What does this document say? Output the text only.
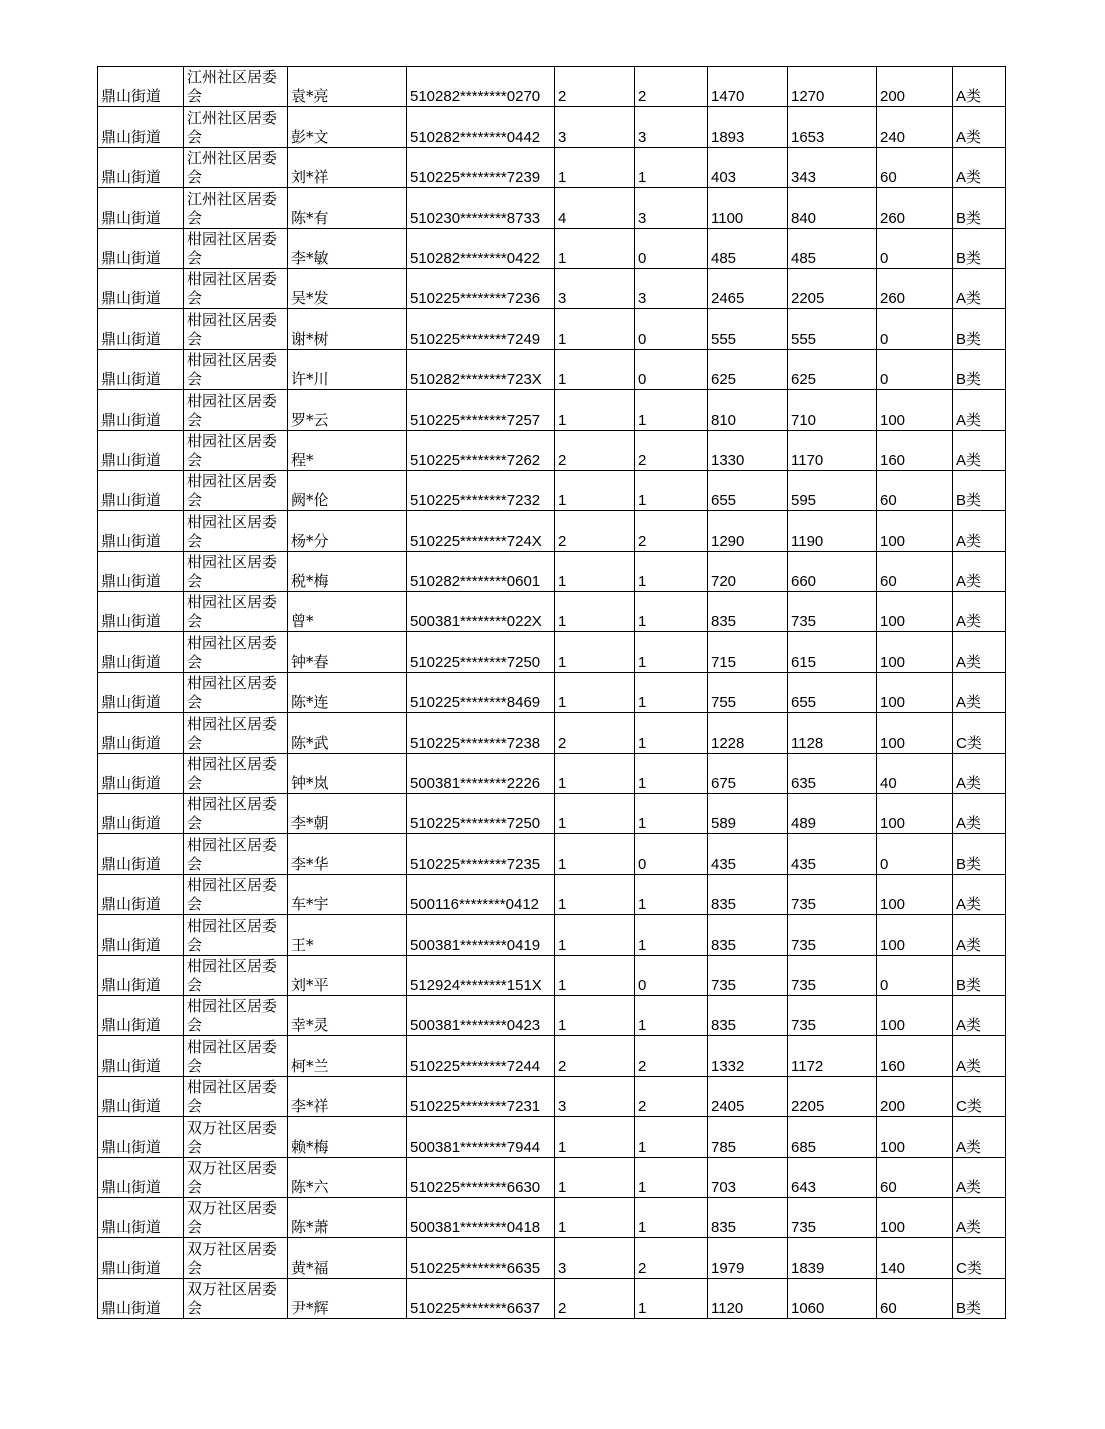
鼎山街道	江州社区居委会	袁*亮	510282********0270	2	2	1470	1270	200	A类
鼎山街道	江州社区居委会	彭*文	510282********0442	3	3	1893	1653	240	A类
鼎山街道	江州社区居委会	刘*祥	510225********7239	1	1	403	343	60	A类
鼎山街道	江州社区居委会	陈*有	510230********8733	4	3	1100	840	260	B类
鼎山街道	柑园社区居委会	李*敏	510282********0422	1	0	485	485	0	B类
鼎山街道	柑园社区居委会	吴*发	510225********7236	3	3	2465	2205	260	A类
鼎山街道	柑园社区居委会	谢*树	510225********7249	1	0	555	555	0	B类
鼎山街道	柑园社区居委会	许*川	510282********723X	1	0	625	625	0	B类
鼎山街道	柑园社区居委会	罗*云	510225********7257	1	1	810	710	100	A类
鼎山街道	柑园社区居委会	程*	510225********7262	2	2	1330	1170	160	A类
鼎山街道	柑园社区居委会	阙*伦	510225********7232	1	1	655	595	60	B类
鼎山街道	柑园社区居委会	杨*分	510225********724X	2	2	1290	1190	100	A类
鼎山街道	柑园社区居委会	税*梅	510282********0601	1	1	720	660	60	A类
鼎山街道	柑园社区居委会	曾*	500381********022X	1	1	835	735	100	A类
鼎山街道	柑园社区居委会	钟*春	510225********7250	1	1	715	615	100	A类
鼎山街道	柑园社区居委会	陈*连	510225********8469	1	1	755	655	100	A类
鼎山街道	柑园社区居委会	陈*武	510225********7238	2	1	1228	1128	100	C类
鼎山街道	柑园社区居委会	钟*岚	500381********2226	1	1	675	635	40	A类
鼎山街道	柑园社区居委会	李*朝	510225********7250	1	1	589	489	100	A类
鼎山街道	柑园社区居委会	李*华	510225********7235	1	0	435	435	0	B类
鼎山街道	柑园社区居委会	车*宇	500116********0412	1	1	835	735	100	A类
鼎山街道	柑园社区居委会	王*	500381********0419	1	1	835	735	100	A类
鼎山街道	柑园社区居委会	刘*平	512924********151X	1	0	735	735	0	B类
鼎山街道	柑园社区居委会	幸*灵	500381********0423	1	1	835	735	100	A类
鼎山街道	柑园社区居委会	柯*兰	510225********7244	2	2	1332	1172	160	A类
鼎山街道	柑园社区居委会	李*祥	510225********7231	3	2	2405	2205	200	C类
鼎山街道	双万社区居委会	赖*梅	500381********7944	1	1	785	685	100	A类
鼎山街道	双万社区居委会	陈*六	510225********6630	1	1	703	643	60	A类
鼎山街道	双万社区居委会	陈*萧	500381********0418	1	1	835	735	100	A类
鼎山街道	双万社区居委会	黄*福	510225********6635	3	2	1979	1839	140	C类
鼎山街道	双万社区居委会	尹*辉	510225********6637	2	1	1120	1060	60	B类
